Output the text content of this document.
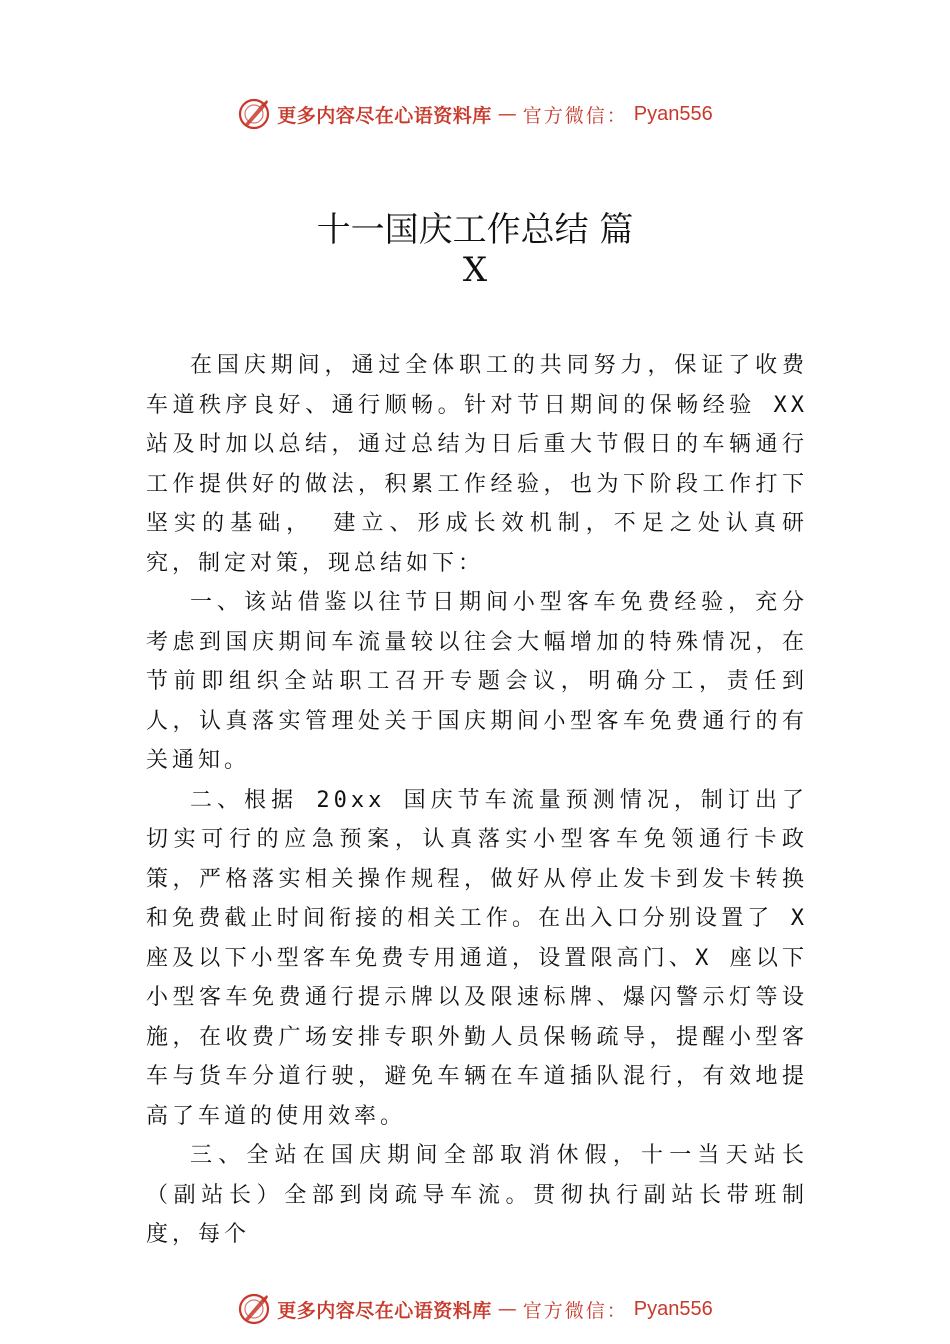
更多内容尽在心语资料库 — 官方微信： Pyan556
十一国庆工作总结 篇
X

在国庆期间，通过全体职工的共同努力，保证了收费车道秩序良好、通行顺畅。针对节日期间的保畅经验 XX 站及时加以总结，通过总结为日后重大节假日的车辆通行工作提供好的做法，积累工作经验，也为下阶段工作打下坚实的基础， 建立、形成长效机制，不足之处认真研究，制定对策，现总结如下：

一、该站借鉴以往节日期间小型客车免费经验，充分考虑到国庆期间车流量较以往会大幅增加的特殊情况，在节前即组织全站职工召开专题会议，明确分工，责任到人，认真落实管理处关于国庆期间小型客车免费通行的有关通知。

二、根据 20xx 国庆节车流量预测情况，制订出了切实可行的应急预案，认真落实小型客车免领通行卡政策，严格落实相关操作规程，做好从停止发卡到发卡转换和免费截止时间衔接的相关工作。在出入口分别设置了 X 座及以下小型客车免费专用通道，设置限高门、X 座以下小型客车免费通行提示牌以及限速标牌、爆闪警示灯等设施，在收费广场安排专职外勤人员保畅疏导，提醒小型客车与货车分道行驶，避免车辆在车道插队混行，有效地提高了车道的使用效率。

三、全站在国庆期间全部取消休假，十一当天站长（副站长）全部到岗疏导车流。贯彻执行副站长带班制度，每个

更多内容尽在心语资料库 — 官方微信： Pyan556
